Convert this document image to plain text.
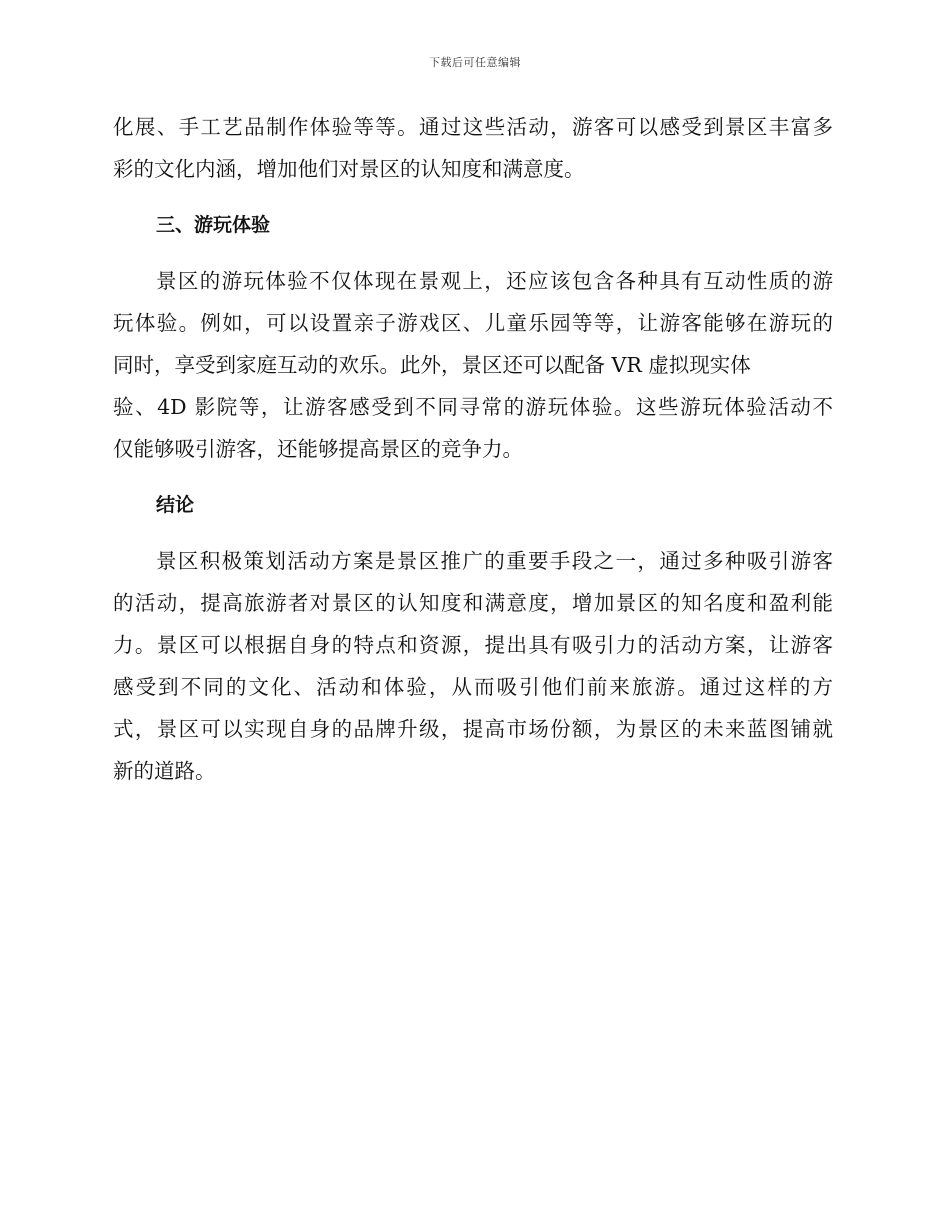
下载后可任意编辑
化展、手工艺品制作体验等等。通过这些活动，游客可以感受到景区丰富多
彩的文化内涵，增加他们对景区的认知度和满意度。
三、游玩体验
景区的游玩体验不仅体现在景观上，还应该包含各种具有互动性质的游
玩体验。例如，可以设置亲子游戏区、儿童乐园等等，让游客能够在游玩的
同时，享受到家庭互动的欢乐。此外，景区还可以配备 VR 虚拟现实体
验、4D 影院等，让游客感受到不同寻常的游玩体验。这些游玩体验活动不
仅能够吸引游客，还能够提高景区的竞争力。
结论
景区积极策划活动方案是景区推广的重要手段之一，通过多种吸引游客
的活动，提高旅游者对景区的认知度和满意度，增加景区的知名度和盈利能
力。景区可以根据自身的特点和资源，提出具有吸引力的活动方案，让游客
感受到不同的文化、活动和体验，从而吸引他们前来旅游。通过这样的方
式，景区可以实现自身的品牌升级，提高市场份额，为景区的未来蓝图铺就
新的道路。
